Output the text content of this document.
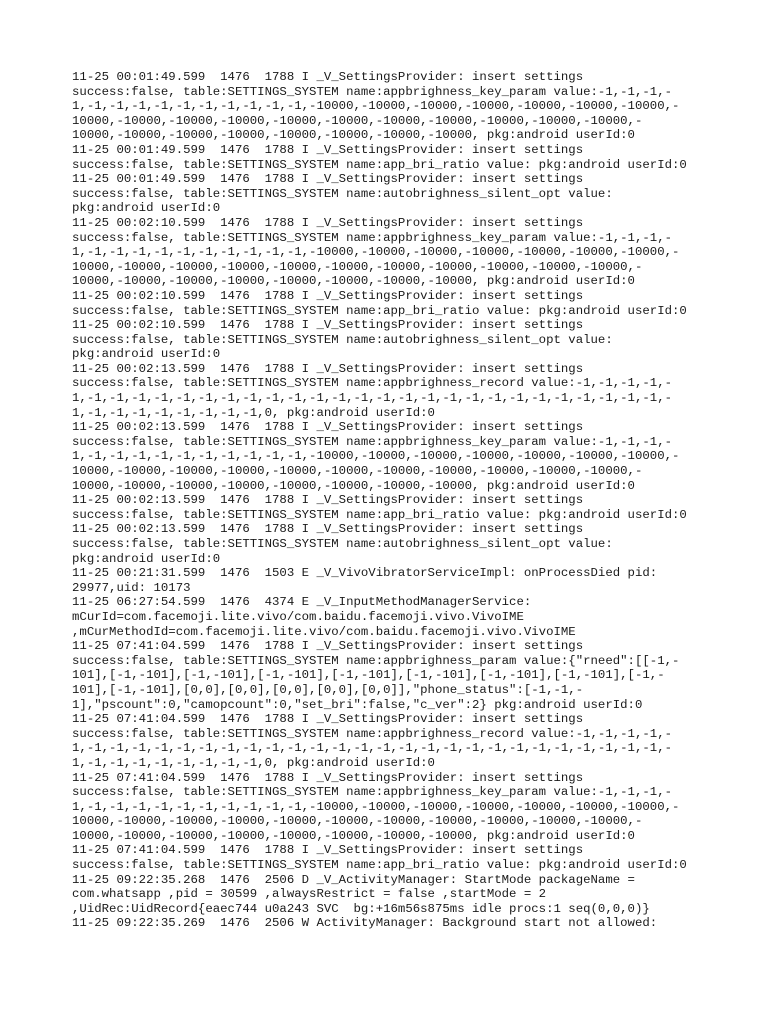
11-25 00:01:49.599  1476  1788 I _V_SettingsProvider: insert settings
success:false, table:SETTINGS_SYSTEM name:appbrighness_key_param value:-1,-1,-1,-
1,-1,-1,-1,-1,-1,-1,-1,-1,-1,-1,-10000,-10000,-10000,-10000,-10000,-10000,-10000,-
10000,-10000,-10000,-10000,-10000,-10000,-10000,-10000,-10000,-10000,-10000,-
10000,-10000,-10000,-10000,-10000,-10000,-10000,-10000, pkg:android userId:0
11-25 00:01:49.599  1476  1788 I _V_SettingsProvider: insert settings
success:false, table:SETTINGS_SYSTEM name:app_bri_ratio value: pkg:android userId:0
11-25 00:01:49.599  1476  1788 I _V_SettingsProvider: insert settings
success:false, table:SETTINGS_SYSTEM name:autobrighness_silent_opt value:
pkg:android userId:0
11-25 00:02:10.599  1476  1788 I _V_SettingsProvider: insert settings
success:false, table:SETTINGS_SYSTEM name:appbrighness_key_param value:-1,-1,-1,-
1,-1,-1,-1,-1,-1,-1,-1,-1,-1,-1,-10000,-10000,-10000,-10000,-10000,-10000,-10000,-
10000,-10000,-10000,-10000,-10000,-10000,-10000,-10000,-10000,-10000,-10000,-
10000,-10000,-10000,-10000,-10000,-10000,-10000,-10000, pkg:android userId:0
11-25 00:02:10.599  1476  1788 I _V_SettingsProvider: insert settings
success:false, table:SETTINGS_SYSTEM name:app_bri_ratio value: pkg:android userId:0
11-25 00:02:10.599  1476  1788 I _V_SettingsProvider: insert settings
success:false, table:SETTINGS_SYSTEM name:autobrighness_silent_opt value:
pkg:android userId:0
11-25 00:02:13.599  1476  1788 I _V_SettingsProvider: insert settings
success:false, table:SETTINGS_SYSTEM name:appbrighness_record value:-1,-1,-1,-1,-
1,-1,-1,-1,-1,-1,-1,-1,-1,-1,-1,-1,-1,-1,-1,-1,-1,-1,-1,-1,-1,-1,-1,-1,-1,-1,-1,-
1,-1,-1,-1,-1,-1,-1,-1,-1,0, pkg:android userId:0
11-25 00:02:13.599  1476  1788 I _V_SettingsProvider: insert settings
success:false, table:SETTINGS_SYSTEM name:appbrighness_key_param value:-1,-1,-1,-
1,-1,-1,-1,-1,-1,-1,-1,-1,-1,-1,-10000,-10000,-10000,-10000,-10000,-10000,-10000,-
10000,-10000,-10000,-10000,-10000,-10000,-10000,-10000,-10000,-10000,-10000,-
10000,-10000,-10000,-10000,-10000,-10000,-10000,-10000, pkg:android userId:0
11-25 00:02:13.599  1476  1788 I _V_SettingsProvider: insert settings
success:false, table:SETTINGS_SYSTEM name:app_bri_ratio value: pkg:android userId:0
11-25 00:02:13.599  1476  1788 I _V_SettingsProvider: insert settings
success:false, table:SETTINGS_SYSTEM name:autobrighness_silent_opt value:
pkg:android userId:0
11-25 00:21:31.599  1476  1503 E _V_VivoVibratorServiceImpl: onProcessDied pid:
29977,uid: 10173
11-25 06:27:54.599  1476  4374 E _V_InputMethodManagerService:
mCurId=com.facemoji.lite.vivo/com.baidu.facemoji.vivo.VivoIME
,mCurMethodId=com.facemoji.lite.vivo/com.baidu.facemoji.vivo.VivoIME
11-25 07:41:04.599  1476  1788 I _V_SettingsProvider: insert settings
success:false, table:SETTINGS_SYSTEM name:appbrighness_param value:{"rneed":[[-1,-
101],[-1,-101],[-1,-101],[-1,-101],[-1,-101],[-1,-101],[-1,-101],[-1,-101],[-1,-
101],[-1,-101],[0,0],[0,0],[0,0],[0,0],[0,0]],"phone_status":[-1,-1,-
1],"pscount":0,"camopcount":0,"set_bri":false,"c_ver":2} pkg:android userId:0
11-25 07:41:04.599  1476  1788 I _V_SettingsProvider: insert settings
success:false, table:SETTINGS_SYSTEM name:appbrighness_record value:-1,-1,-1,-1,-
1,-1,-1,-1,-1,-1,-1,-1,-1,-1,-1,-1,-1,-1,-1,-1,-1,-1,-1,-1,-1,-1,-1,-1,-1,-1,-1,-
1,-1,-1,-1,-1,-1,-1,-1,-1,0, pkg:android userId:0
11-25 07:41:04.599  1476  1788 I _V_SettingsProvider: insert settings
success:false, table:SETTINGS_SYSTEM name:appbrighness_key_param value:-1,-1,-1,-
1,-1,-1,-1,-1,-1,-1,-1,-1,-1,-1,-10000,-10000,-10000,-10000,-10000,-10000,-10000,-
10000,-10000,-10000,-10000,-10000,-10000,-10000,-10000,-10000,-10000,-10000,-
10000,-10000,-10000,-10000,-10000,-10000,-10000,-10000, pkg:android userId:0
11-25 07:41:04.599  1476  1788 I _V_SettingsProvider: insert settings
success:false, table:SETTINGS_SYSTEM name:app_bri_ratio value: pkg:android userId:0
11-25 09:22:35.268  1476  2506 D _V_ActivityManager: StartMode packageName =
com.whatsapp ,pid = 30599 ,alwaysRestrict = false ,startMode = 2
,UidRec:UidRecord{eaec744 u0a243 SVC  bg:+16m56s875ms idle procs:1 seq(0,0,0)}
11-25 09:22:35.269  1476  2506 W ActivityManager: Background start not allowed:
